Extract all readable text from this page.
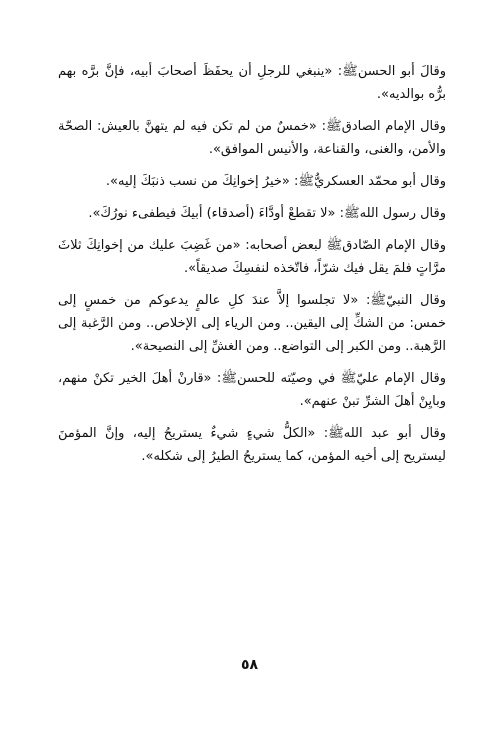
وقالَ أبو الحسنﷺ: «ينبغي للرجلِ أن يحفَظَ أصحابَ أبيه، فإنَّ برَّه بهم برُّه بوالديه».

وقال الإمام الصادقﷺ: «خمسٌ من لم تكن فيه لم يتهنَّ بالعيش: الصحّة والأمن، والغنى، والقناعة، والأنيس الموافق».

وقال أبو محمّد العسكريُّﷺ: «خيرُ إخوانِكَ من نسب ذنبَكَ إليه».

وقال رسول اللهﷺ: «لا تقطعْ أودَّاءَ (أصدقاء) أبيكَ فيطفىء نورُكَ».

وقال الإمام الصّادقﷺ لبعض أصحابه: «من غَضِبَ عليك من إخوانِكَ ثلاثَ مرَّاتٍ فلمَ يقل فيك شرّاً، فاتّخذه لنفسِكَ صديقاً».

وقال النبيّﷺ: «لا تجلسوا إلاَّ عندَ كلِ عالمٍ يدعوكم من خمسٍ إلى خمس: من الشكِّ إلى اليقين.. ومن الرياء إلى الإخلاص.. ومن الرَّغبة إلى الرَّهبة.. ومن الكبر إلى التواضع.. ومن الغشِّ إلى النصيحة».

وقال الإمام عليّﷺ في وصيّته للحسنﷺ: «قارنْ أهلَ الخير تكنْ منهم، وبايِنْ أهلَ الشرِّ تبنْ عنهم».

وقال أبو عبد اللهﷺ: «الكلُّ شيءٍ شيءٌ يستريحُ إليه، وإنَّ المؤمنَ ليستريح إلى أخيه المؤمن، كما يستريحُ الطيرُ إلى شكله».

٥٨
